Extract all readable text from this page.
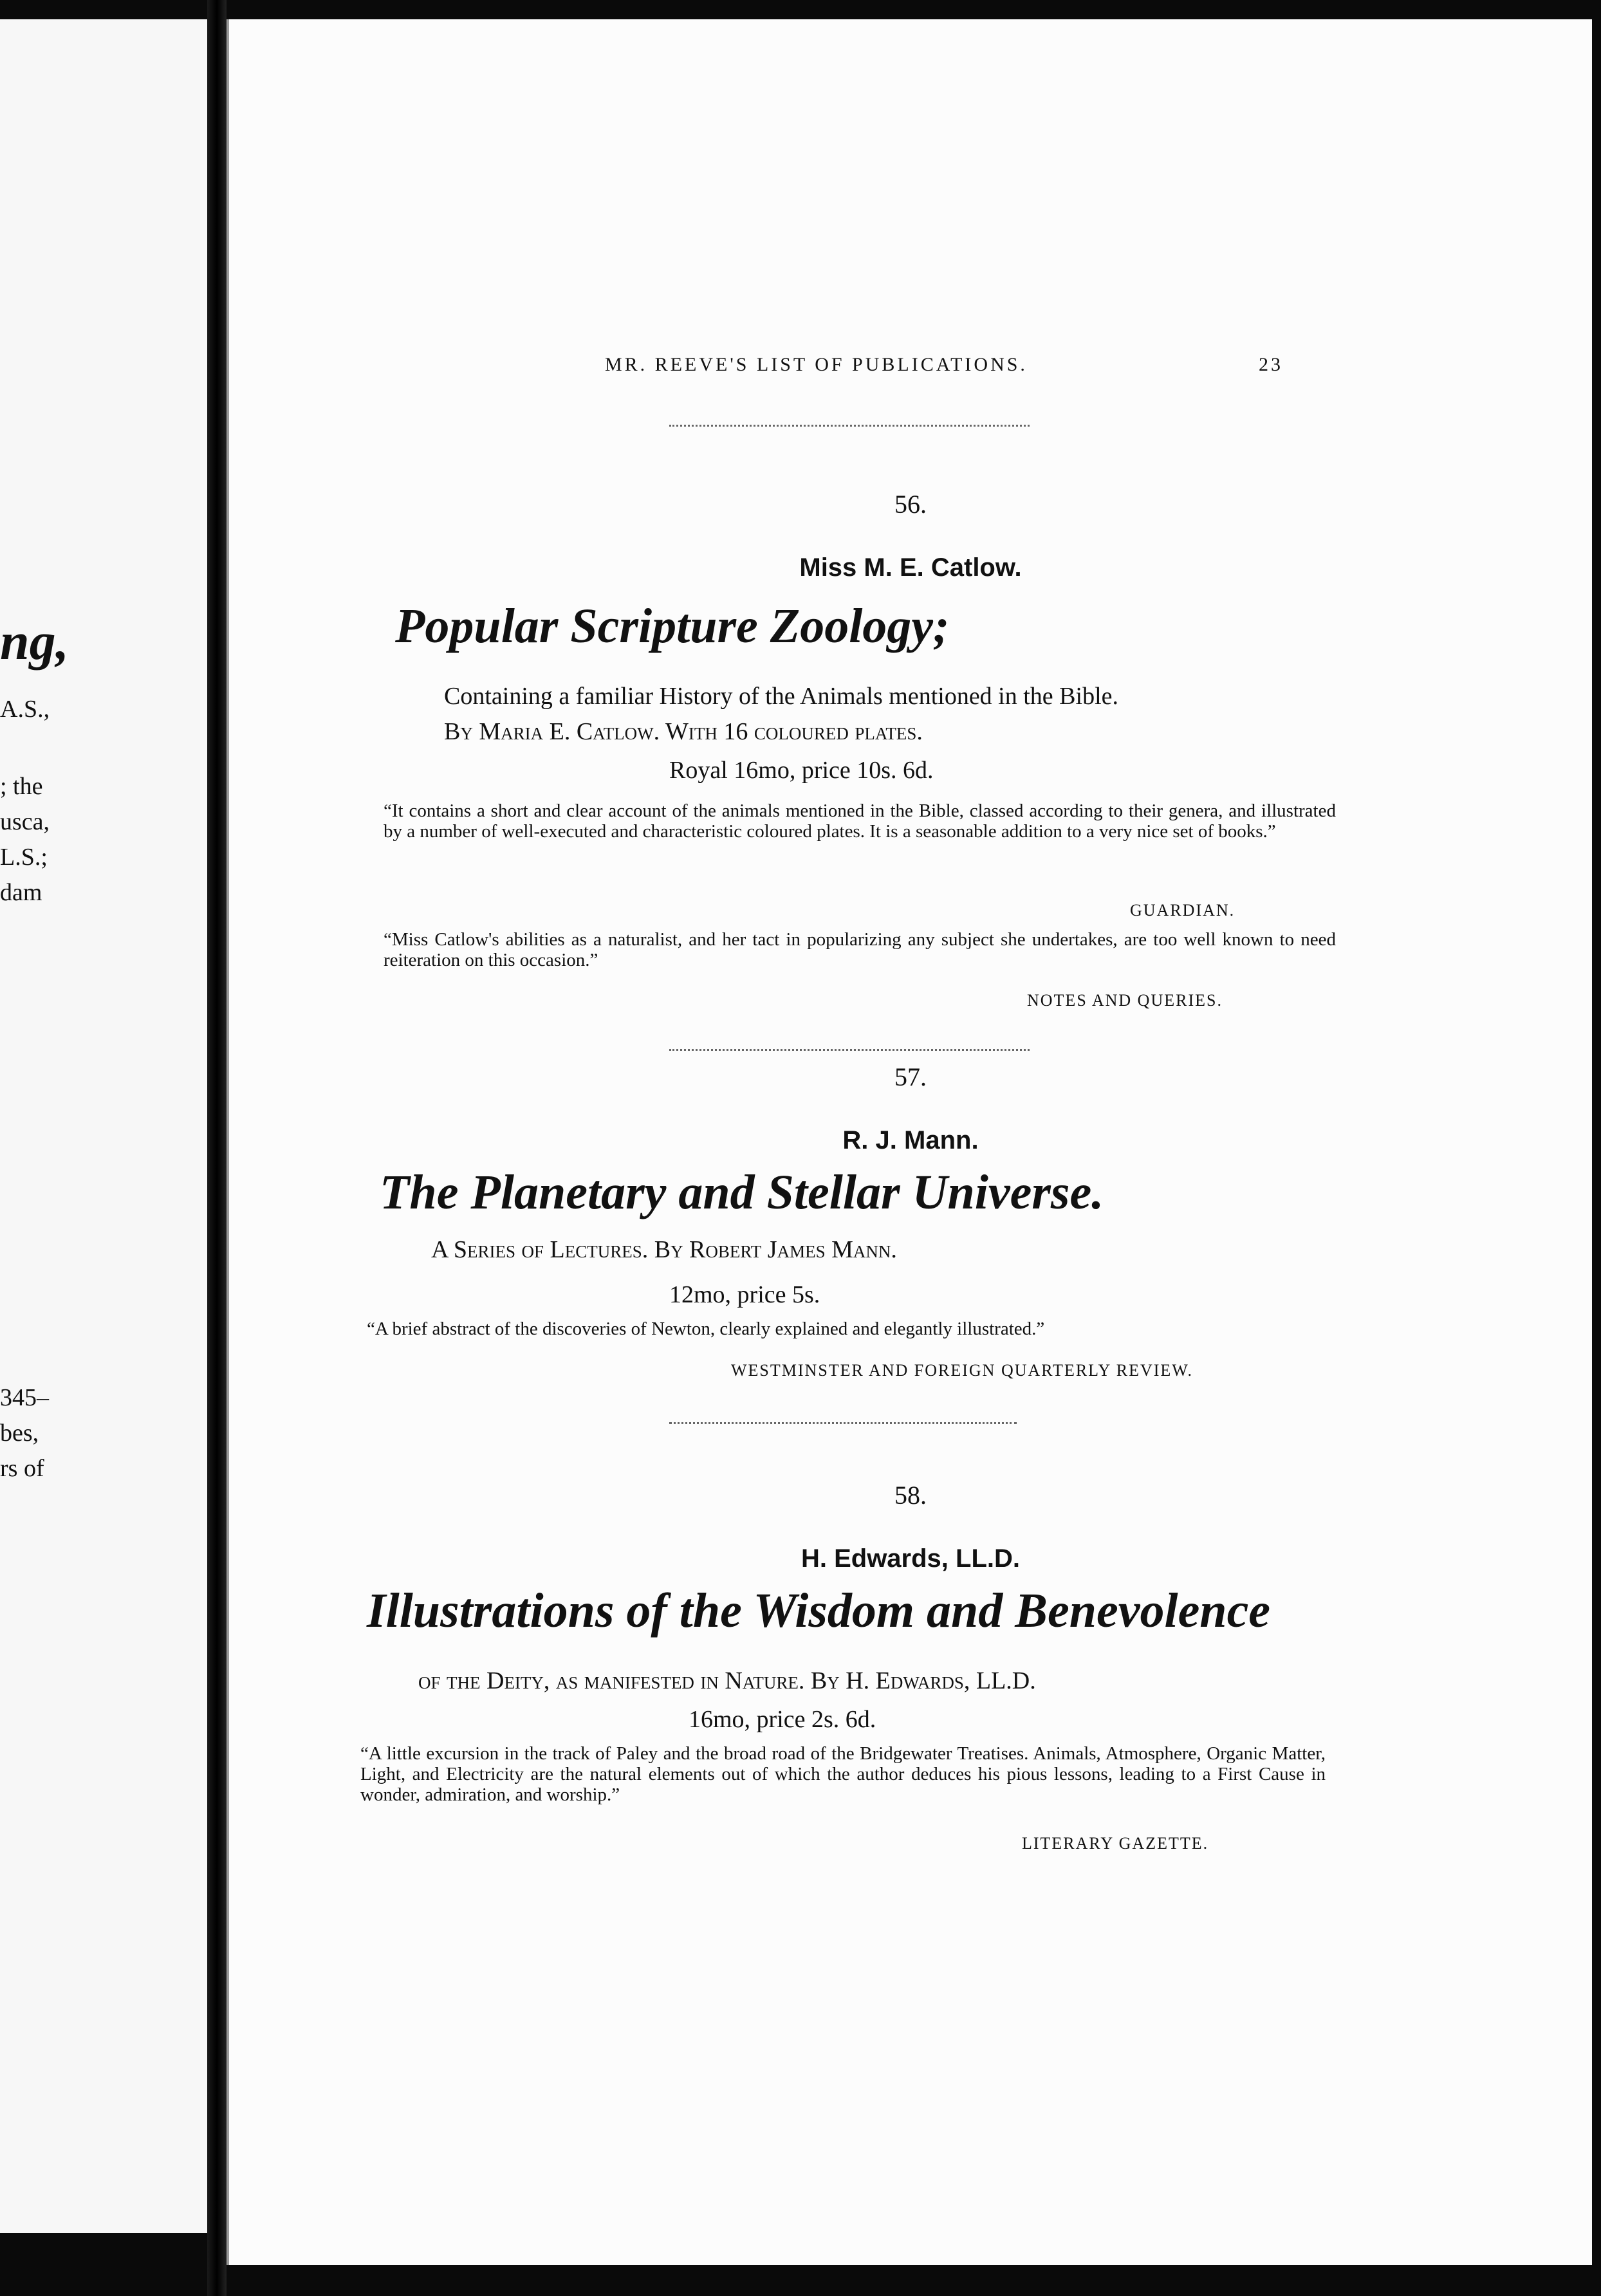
ng,
A.S.,
; the
usca,
L.S.;
dam
345–
bes,
rs of
MR. REEVE'S LIST OF PUBLICATIONS.	23
56.
Miss M. E. Catlow.
Popular Scripture Zoology;
Containing a familiar History of the Animals mentioned in the Bible.
By Maria E. Catlow. With 16 coloured plates.
Royal 16mo, price 10s. 6d.
“It contains a short and clear account of the animals mentioned in the Bible, classed according to their genera, and illustrated by a number of well-executed and characteristic coloured plates. It is a seasonable addition to a very nice set of books.”
GUARDIAN.
“Miss Catlow's abilities as a naturalist, and her tact in popularizing any subject she undertakes, are too well known to need reiteration on this occasion.”
NOTES AND QUERIES.
57.
R. J. Mann.
The Planetary and Stellar Universe.
A Series of Lectures. By Robert James Mann.
12mo, price 5s.
“A brief abstract of the discoveries of Newton, clearly explained and elegantly illustrated.”
WESTMINSTER AND FOREIGN QUARTERLY REVIEW.
58.
H. Edwards, LL.D.
Illustrations of the Wisdom and Benevolence
of the Deity, as manifested in Nature. By H. Edwards, LL.D.
16mo, price 2s. 6d.
“A little excursion in the track of Paley and the broad road of the Bridgewater Treatises. Animals, Atmosphere, Organic Matter, Light, and Electricity are the natural elements out of which the author deduces his pious lessons, leading to a First Cause in wonder, admiration, and worship.”
LITERARY GAZETTE.
